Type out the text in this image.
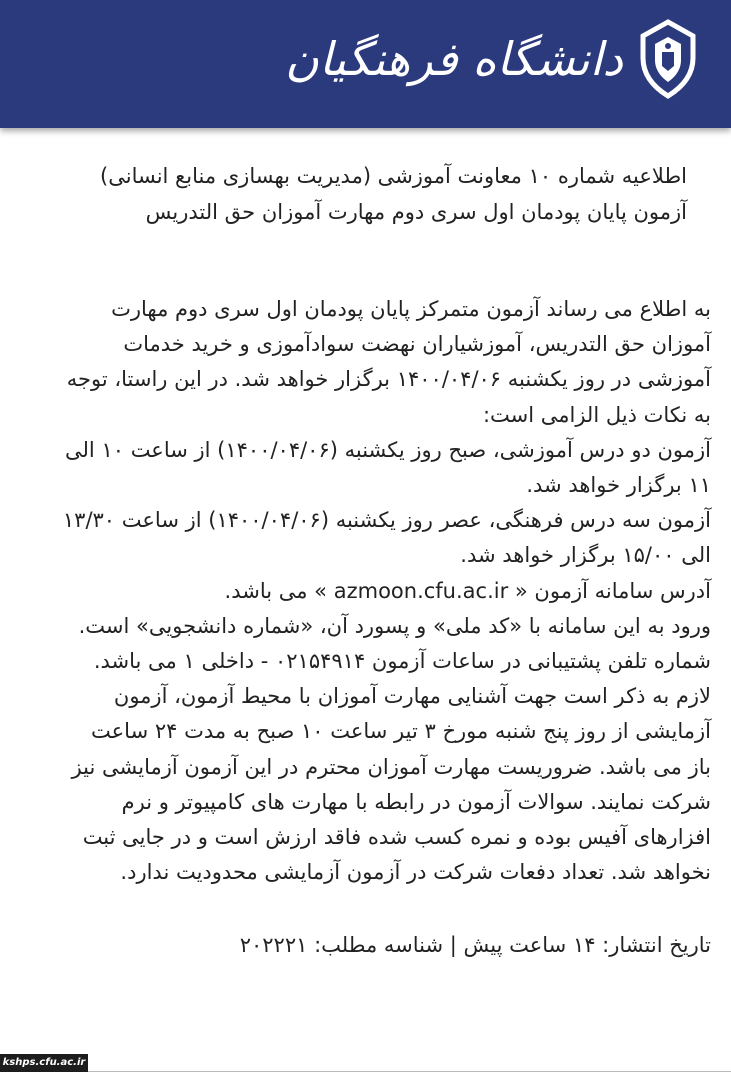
دانشگاه فرهنگیان
اطلاعیه شماره ۱۰ معاونت آموزشی (مدیریت بهسازی منابع انسانی)
آزمون پایان پودمان اول سری دوم مهارت آموزان حق التدریس
به اطلاع می رساند آزمون متمرکز پایان پودمان اول سری دوم مهارت
آموزان حق التدریس، آموزشیاران نهضت سوادآموزی و خرید خدمات
آموزشی در روز یکشنبه ۱۴۰۰/۰۴/۰۶ برگزار خواهد شد. در این راستا، توجه
به نکات ذیل الزامی است:
آزمون دو درس آموزشی، صبح روز یکشنبه (۱۴۰۰/۰۴/۰۶) از ساعت ۱۰ الی
۱۱ برگزار خواهد شد.
آزمون سه درس فرهنگی، عصر روز یکشنبه (۱۴۰۰/۰۴/۰۶) از ساعت ۱۳/۳۰
الی ۱۵/۰۰ برگزار خواهد شد.
آدرس سامانه آزمون « azmoon.cfu.ac.ir » می باشد.
ورود به این سامانه با «کد ملی» و پسورد آن، «شماره دانشجویی» است.
شماره تلفن پشتیبانی در ساعات آزمون ۰۲۱۵۴۹۱۴ - داخلی ۱ می باشد.
لازم به ذکر است جهت آشنایی مهارت آموزان با محیط آزمون، آزمون
آزمایشی از روز پنج شنبه مورخ ۳ تیر ساعت ۱۰ صبح به مدت ۲۴ ساعت
باز می باشد. ضروریست مهارت آموزان محترم در این آزمون آزمایشی نیز
شرکت نمایند. سوالات آزمون در رابطه با مهارت های کامپیوتر و نرم
افزارهای آفیس بوده و نمره کسب شده فاقد ارزش است و در جایی ثبت
نخواهد شد. تعداد دفعات شرکت در آزمون آزمایشی محدودیت ندارد.
تاریخ انتشار: ۱۴ ساعت پیش | شناسه مطلب: ۲۰۲۲۲۱
kshps.cfu.ac.ir
